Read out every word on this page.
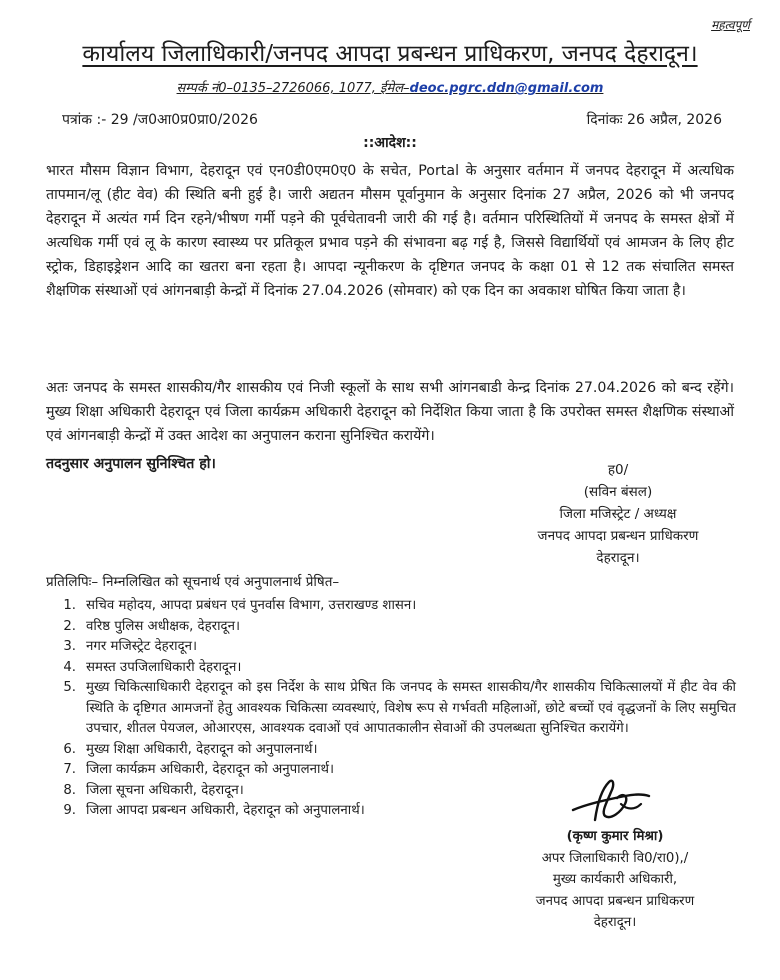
महत्वपूर्ण
कार्यालय जिलाधिकारी/जनपद आपदा प्रबन्धन प्राधिकरण, जनपद देहरादून।
सम्पर्क नं0–0135–2726066, 1077, ईमेल–deoc.pgrc.ddn@gmail.com
पत्रांक :- 29 /ज0आ0प्र0प्रा0/2026	दिनांकः 26 अप्रैल, 2026
::आदेश::

भारत मौसम विज्ञान विभाग, देहरादून एवं एन0डी0एम0ए0 के सचेत, Portal के अनुसार वर्तमान में जनपद देहरादून में अत्यधिक तापमान/लू (हीट वेव) की स्थिति बनी हुई है। जारी अद्यतन मौसम पूर्वानुमान के अनुसार दिनांक 27 अप्रैल, 2026 को भी जनपद देहरादून में अत्यंत गर्म दिन रहने/भीषण गर्मी पड़ने की पूर्वचेतावनी जारी की गई है। वर्तमान परिस्थितियों में जनपद के समस्त क्षेत्रों में अत्यधिक गर्मी एवं लू के कारण स्वास्थ्य पर प्रतिकूल प्रभाव पड़ने की संभावना बढ़ गई है, जिससे विद्यार्थियों एवं आमजन के लिए हीट स्ट्रोक, डिहाइड्रेशन आदि का खतरा बना रहता है। आपदा न्यूनीकरण के दृष्टिगत जनपद के कक्षा 01 से 12 तक संचालित समस्त शैक्षणिक संस्थाओं एवं आंगनबाड़ी केन्द्रों में दिनांक 27.04.2026 (सोमवार) को एक दिन का अवकाश घोषित किया जाता है।

अतः जनपद के समस्त शासकीय/गैर शासकीय एवं निजी स्कूलों के साथ सभी आंगनबाडी केन्द्र दिनांक 27.04.2026 को बन्द रहेंगे। मुख्य शिक्षा अधिकारी देहरादून एवं जिला कार्यक्रम अधिकारी देहरादून को निर्देशित किया जाता है कि उपरोक्त समस्त शैक्षणिक संस्थाओं एवं आंगनबाड़ी केन्द्रों में उक्त आदेश का अनुपालन कराना सुनिश्चित करायेंगे।

तदनुसार अनुपालन सुनिश्चित हो।	ह0/
(सविन बंसल)
जिला मजिस्ट्रेट / अध्यक्ष
जनपद आपदा प्रबन्धन प्राधिकरण
देहरादून।
प्रतिलिपिः– निम्नलिखित को सूचनार्थ एवं अनुपालनार्थ प्रेषित–
1. सचिव महोदय, आपदा प्रबंधन एवं पुनर्वास विभाग, उत्तराखण्ड शासन।
2. वरिष्ठ पुलिस अधीक्षक, देहरादून।
3. नगर मजिस्ट्रेट देहरादून।
4. समस्त उपजिलाधिकारी देहरादून।
5. मुख्य चिकित्साधिकारी देहरादून को इस निर्देश के साथ प्रेषित कि जनपद के समस्त शासकीय/गैर शासकीय चिकित्सालयों में हीट वेव की स्थिति के दृष्टिगत आमजनों हेतु आवश्यक चिकित्सा व्यवस्थाएं, विशेष रूप से गर्भवती महिलाओं, छोटे बच्चों एवं वृद्धजनों के लिए समुचित उपचार, शीतल पेयजल, ओआरएस, आवश्यक दवाओं एवं आपातकालीन सेवाओं की उपलब्धता सुनिश्चित करायेंगे।
6. मुख्य शिक्षा अधिकारी, देहरादून को अनुपालनार्थ।
7. जिला कार्यक्रम अधिकारी, देहरादून को अनुपालनार्थ।
8. जिला सूचना अधिकारी, देहरादून।
9. जिला आपदा प्रबन्धन अधिकारी, देहरादून को अनुपालनार्थ।
(कृष्ण कुमार मिश्रा)
अपर जिलाधिकारी वि0/रा0),/
मुख्य कार्यकारी अधिकारी,
जनपद आपदा प्रबन्धन प्राधिकरण
देहरादून।
